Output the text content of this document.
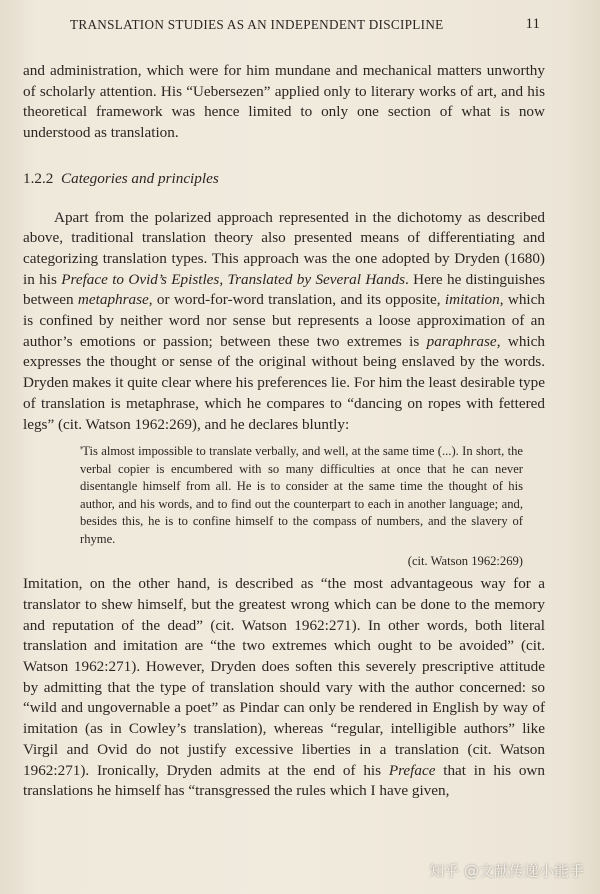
TRANSLATION STUDIES AS AN INDEPENDENT DISCIPLINE	11

and administration, which were for him mundane and mechanical matters unworthy of scholarly attention. His “Uebersezen” applied only to literary works of art, and his theoretical framework was hence limited to only one section of what is now understood as translation.

1.2.2 Categories and principles

Apart from the polarized approach represented in the dichotomy as described above, traditional translation theory also presented means of differentiating and categorizing translation types. This approach was the one adopted by Dryden (1680) in his Preface to Ovid’s Epistles, Translated by Several Hands. Here he distinguishes between metaphrase, or word-for-word translation, and its opposite, imitation, which is confined by neither word nor sense but represents a loose approximation of an author’s emotions or passion; between these two extremes is paraphrase, which expresses the thought or sense of the original without being enslaved by the words. Dryden makes it quite clear where his preferences lie. For him the least desirable type of translation is metaphrase, which he compares to “dancing on ropes with fettered legs” (cit. Watson 1962:269), and he declares bluntly:

'Tis almost impossible to translate verbally, and well, at the same time (...). In short, the verbal copier is encumbered with so many difficulties at once that he can never disentangle himself from all. He is to consider at the same time the thought of his author, and his words, and to find out the counterpart to each in another language; and, besides this, he is to confine himself to the compass of numbers, and the slavery of rhyme.
(cit. Watson 1962:269)

Imitation, on the other hand, is described as “the most advantageous way for a translator to shew himself, but the greatest wrong which can be done to the memory and reputation of the dead” (cit. Watson 1962:271). In other words, both literal translation and imitation are “the two extremes which ought to be avoided” (cit. Watson 1962:271). However, Dryden does soften this severely prescriptive attitude by admitting that the type of translation should vary with the author concerned: so “wild and ungovernable a poet” as Pindar can only be rendered in English by way of imitation (as in Cowley’s translation), whereas “regular, intelligible authors” like Virgil and Ovid do not justify excessive liberties in a translation (cit. Watson 1962:271). Ironically, Dryden admits at the end of his Preface that in his own translations he himself has “transgressed the rules which I have given,

知乎 @文献传递小能手
